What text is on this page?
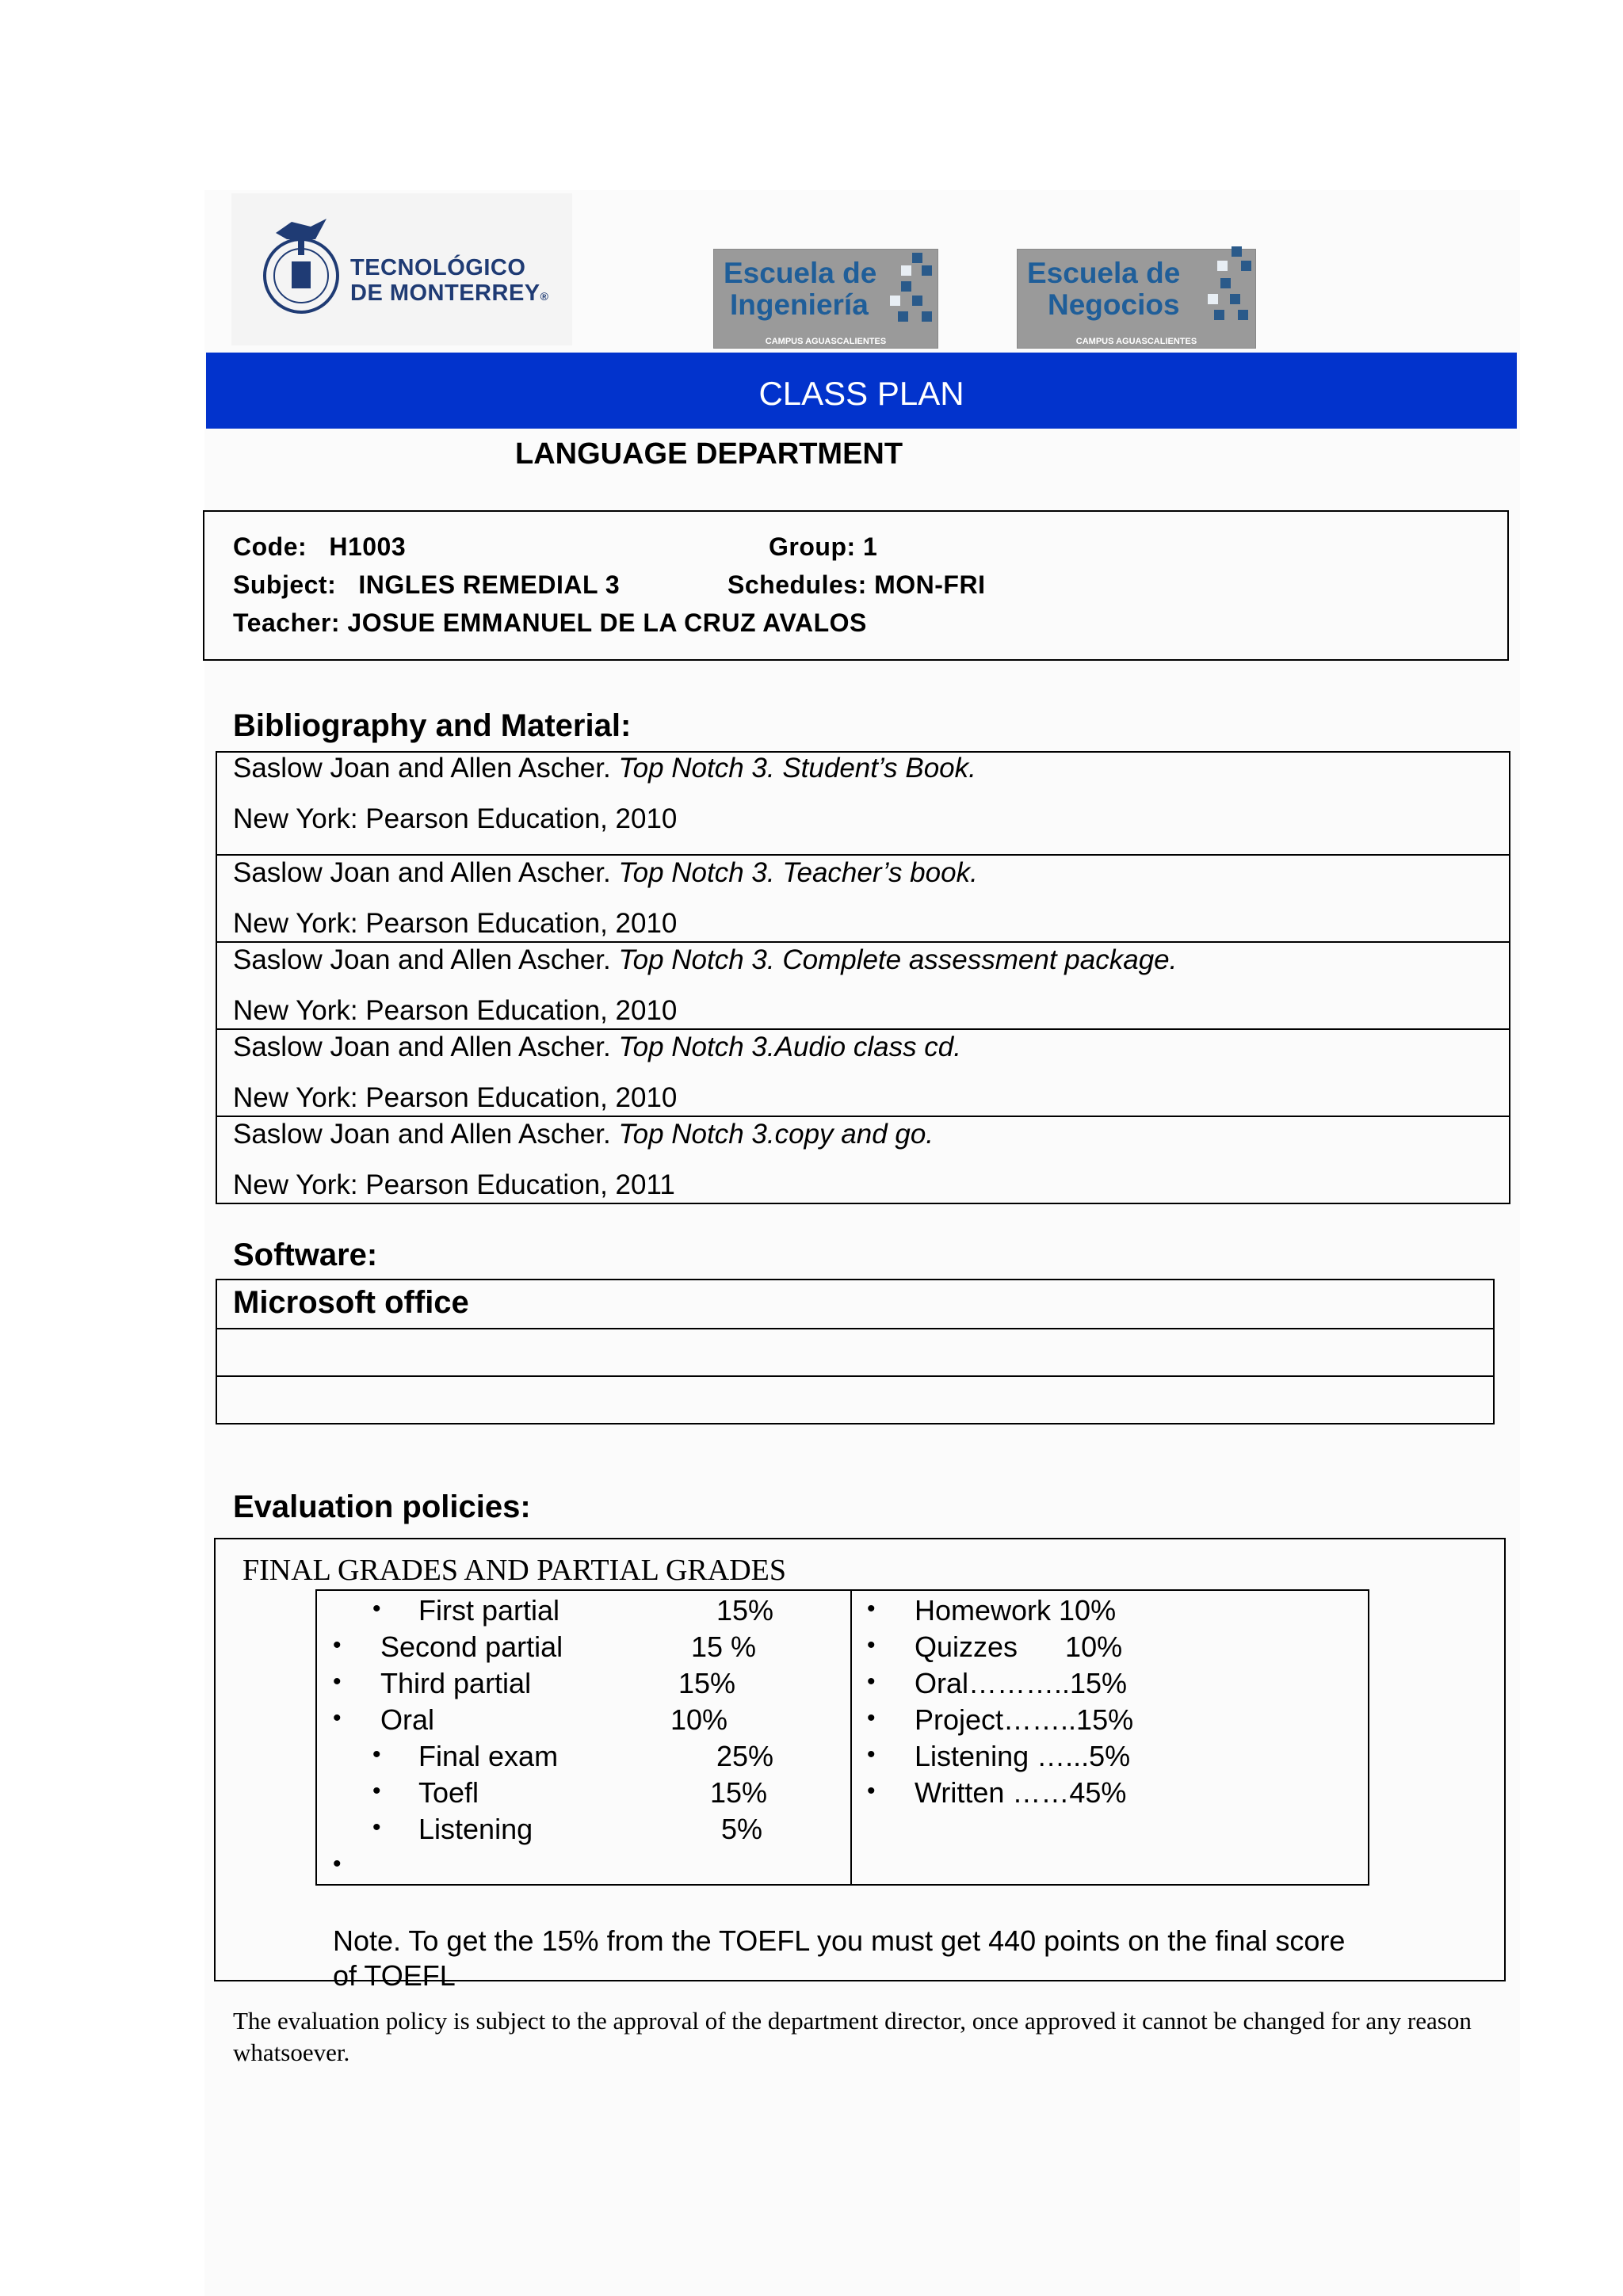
TECNOLÓGICO
DE MONTERREY®
Escuela de
Ingeniería
CAMPUS AGUASCALIENTES
Escuela de
Negocios
CAMPUS AGUASCALIENTES
CLASS PLAN
LANGUAGE DEPARTMENT
Code: H1003	Group: 1
Subject: INGLES REMEDIAL 3	Schedules: MON-FRI
Teacher: JOSUE EMMANUEL DE LA CRUZ AVALOS
Bibliography and Material:
Saslow Joan and Allen Ascher. Top Notch 3. Student’s Book.
New York: Pearson Education, 2010
Saslow Joan and Allen Ascher. Top Notch 3. Teacher’s book.
New York: Pearson Education, 2010
Saslow Joan and Allen Ascher. Top Notch 3. Complete assessment package.
New York: Pearson Education, 2010
Saslow Joan and Allen Ascher. Top Notch 3.Audio class cd.
New York: Pearson Education, 2010
Saslow Joan and Allen Ascher. Top Notch 3.copy and go.
New York: Pearson Education, 2011
Software:
Microsoft office
Evaluation policies:
FINAL GRADES AND PARTIAL GRADES
• First partial	15%
• Second partial	15 %
• Third partial	15%
• Oral	10%
• Final exam	25%
• Toefl	15%
• Listening	5%
•
• Homework 10%
• Quizzes      10%
• Oral………..15%
• Project……..15%
• Listening …...5%
• Written ……45%
Note. To get the 15% from the TOEFL you must get 440 points on the final score of TOEFL
The evaluation policy is subject to the approval of the department director, once approved it cannot be changed for any reason whatsoever.
